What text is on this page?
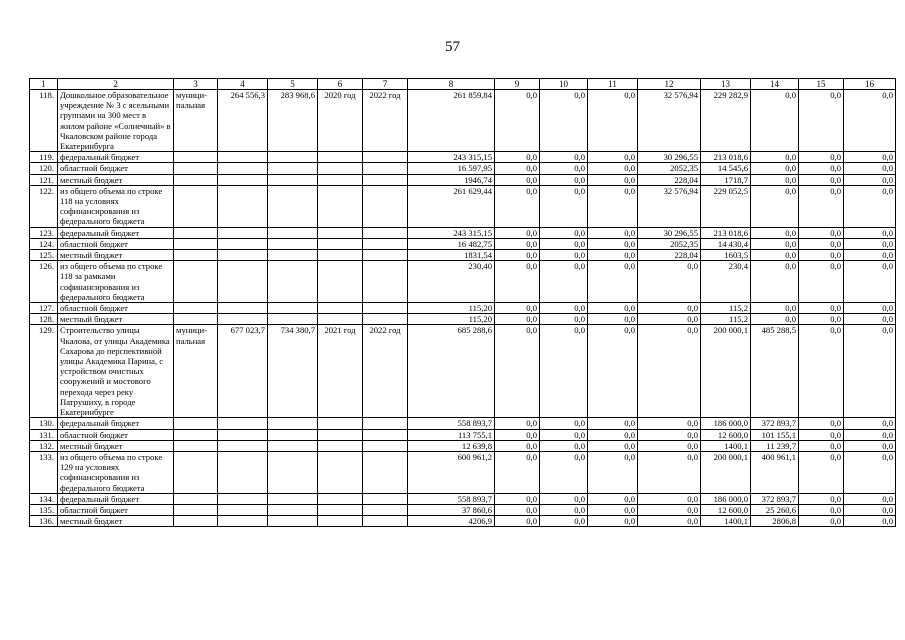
57
1	2	3	4	5	6	7	8	9	10	11	12	13	14	15	16
118.	Дошкольное образовательное учреждение № 3 с ясельными группами на 300 мест в жилом районе «Солнечный» в Чкаловском районе города Екатеринбурга	муници-пальная	264 556,3	283 968,6	2020 год	2022 год	261 859,84	0,0	0,0	0,0	32 576,94	229 282,9	0,0	0,0	0,0
119.	федеральный бюджет						243 315,15	0,0	0,0	0,0	30 296,55	213 018,6	0,0	0,0	0,0
120.	областной бюджет						16 597,95	0,0	0,0	0,0	2052,35	14 545,6	0,0	0,0	0,0
121.	местный бюджет						1946,74	0,0	0,0	0,0	228,04	1718,7	0,0	0,0	0,0
122.	из общего объема по строке 118 на условиях софинансирования из федерального бюджета						261 629,44	0,0	0,0	0,0	32 576,94	229 052,5	0,0	0,0	0,0
123.	федеральный бюджет						243 315,15	0,0	0,0	0,0	30 296,55	213 018,6	0,0	0,0	0,0
124.	областной бюджет						16 482,75	0,0	0,0	0,0	2052,35	14 430,4	0,0	0,0	0,0
125.	местный бюджет						1831,54	0,0	0,0	0,0	228,04	1603,5	0,0	0,0	0,0
126.	из общего объема по строке 118 за рамками софинансирования из федерального бюджета						230,40	0,0	0,0	0,0	0,0	230,4	0,0	0,0	0,0
127.	областной бюджет						115,20	0,0	0,0	0,0	0,0	115,2	0,0	0,0	0,0
128.	местный бюджет						115,20	0,0	0,0	0,0	0,0	115,2	0,0	0,0	0,0
129.	Строительство улицы Чкалова, от улицы Академика Сахарова до перспективной улицы Академика Парина, с устройством очистных сооружений и мостового перехода через реку Патрушиху, в городе Екатеринбурге	муници-пальная	677 023,7	734 380,7	2021 год	2022 год	685 288,6	0,0	0,0	0,0	0,0	200 000,1	485 288,5	0,0	0,0
130.	федеральный бюджет						558 893,7	0,0	0,0	0,0	0,0	186 000,0	372 893,7	0,0	0,0
131.	областной бюджет						113 755,1	0,0	0,0	0,0	0,0	12 600,0	101 155,1	0,0	0,0
132.	местный бюджет						12 639,8	0,0	0,0	0,0	0,0	1400,1	11 239,7	0,0	0,0
133.	из общего объема по строке 129 на условиях софинансирования из федерального бюджета						600 961,2	0,0	0,0	0,0	0,0	200 000,1	400 961,1	0,0	0,0
134.	федеральный бюджет						558 893,7	0,0	0,0	0,0	0,0	186 000,0	372 893,7	0,0	0,0
135.	областной бюджет						37 860,6	0,0	0,0	0,0	0,0	12 600,0	25 260,6	0,0	0,0
136.	местный бюджет						4206,9	0,0	0,0	0,0	0,0	1400,1	2806,8	0,0	0,0
